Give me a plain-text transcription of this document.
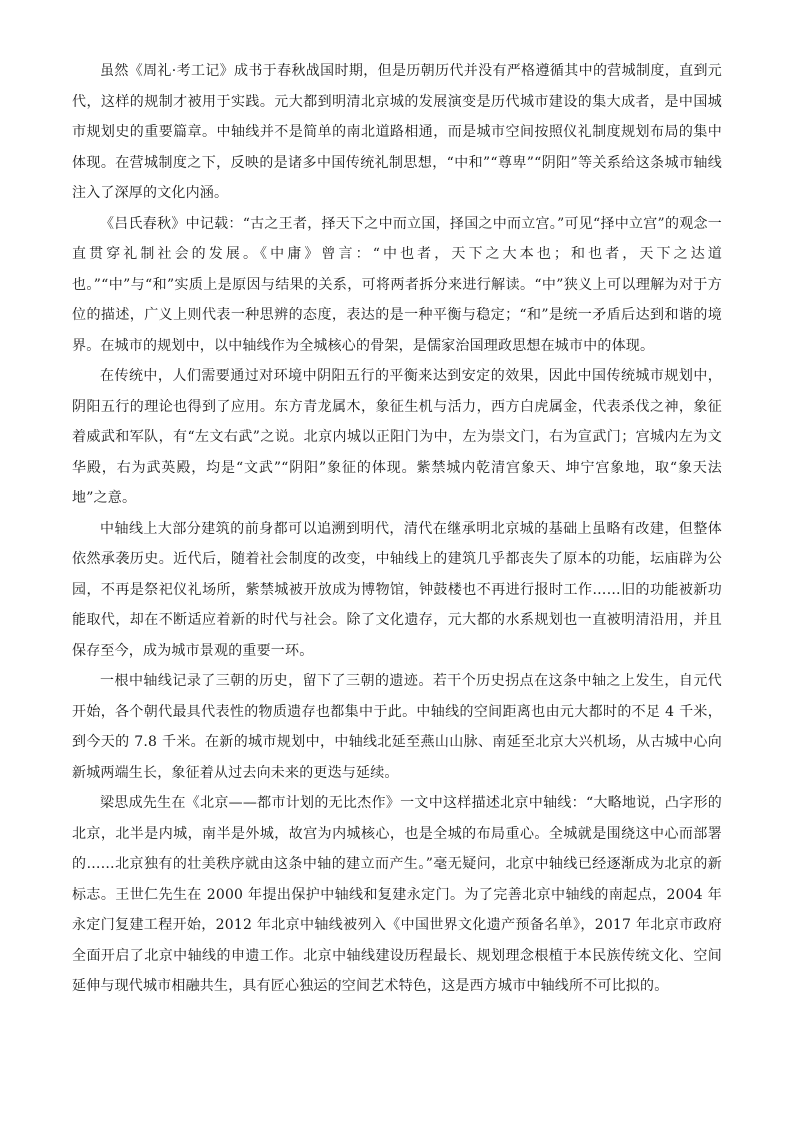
虽然《周礼·考工记》成书于春秋战国时期，但是历朝历代并没有严格遵循其中的营城制度，直到元代，这样的规制才被用于实践。元大都到明清北京城的发展演变是历代城市建设的集大成者，是中国城市规划史的重要篇章。中轴线并不是简单的南北道路相通，而是城市空间按照仪礼制度规划布局的集中体现。在营城制度之下，反映的是诸多中国传统礼制思想，“中和”“尊卑”“阴阳”等关系给这条城市轴线注入了深厚的文化内涵。

《吕氏春秋》中记载：“古之王者，择天下之中而立国，择国之中而立宫。”可见“择中立宫”的观念一直贯穿礼制社会的发展。《中庸》曾言：“中也者，天下之大本也；和也者，天下之达道也。”“中”与“和”实质上是原因与结果的关系，可将两者拆分来进行解读。“中”狭义上可以理解为对于方位的描述，广义上则代表一种思辨的态度，表达的是一种平衡与稳定；“和”是统一矛盾后达到和谐的境界。在城市的规划中，以中轴线作为全城核心的骨架，是儒家治国理政思想在城市中的体现。

在传统中，人们需要通过对环境中阴阳五行的平衡来达到安定的效果，因此中国传统城市规划中，阴阳五行的理论也得到了应用。东方青龙属木，象征生机与活力，西方白虎属金，代表杀伐之神，象征着威武和军队，有“左文右武”之说。北京内城以正阳门为中，左为崇文门，右为宣武门；宫城内左为文华殿，右为武英殿，均是“文武”“阴阳”象征的体现。紫禁城内乾清宫象天、坤宁宫象地，取“象天法地”之意。

中轴线上大部分建筑的前身都可以追溯到明代，清代在继承明北京城的基础上虽略有改建，但整体依然承袭历史。近代后，随着社会制度的改变，中轴线上的建筑几乎都丧失了原本的功能，坛庙辟为公园，不再是祭祀仪礼场所，紫禁城被开放成为博物馆，钟鼓楼也不再进行报时工作……旧的功能被新功能取代，却在不断适应着新的时代与社会。除了文化遗存，元大都的水系规划也一直被明清沿用，并且保存至今，成为城市景观的重要一环。

一根中轴线记录了三朝的历史，留下了三朝的遗迹。若干个历史拐点在这条中轴之上发生，自元代开始，各个朝代最具代表性的物质遗存也都集中于此。中轴线的空间距离也由元大都时的不足 4 千米，到今天的 7.8 千米。在新的城市规划中，中轴线北延至燕山山脉、南延至北京大兴机场，从古城中心向新城两端生长，象征着从过去向未来的更迭与延续。

梁思成先生在《北京——都市计划的无比杰作》一文中这样描述北京中轴线：“大略地说，凸字形的北京，北半是内城，南半是外城，故宫为内城核心，也是全城的布局重心。全城就是围绕这中心而部署的……北京独有的壮美秩序就由这条中轴的建立而产生。”毫无疑问，北京中轴线已经逐渐成为北京的新标志。王世仁先生在 2000 年提出保护中轴线和复建永定门。为了完善北京中轴线的南起点，2004 年永定门复建工程开始，2012 年北京中轴线被列入《中国世界文化遗产预备名单》，2017 年北京市政府全面开启了北京中轴线的申遗工作。北京中轴线建设历程最长、规划理念根植于本民族传统文化、空间延伸与现代城市相融共生，具有匠心独运的空间艺术特色，这是西方城市中轴线所不可比拟的。
